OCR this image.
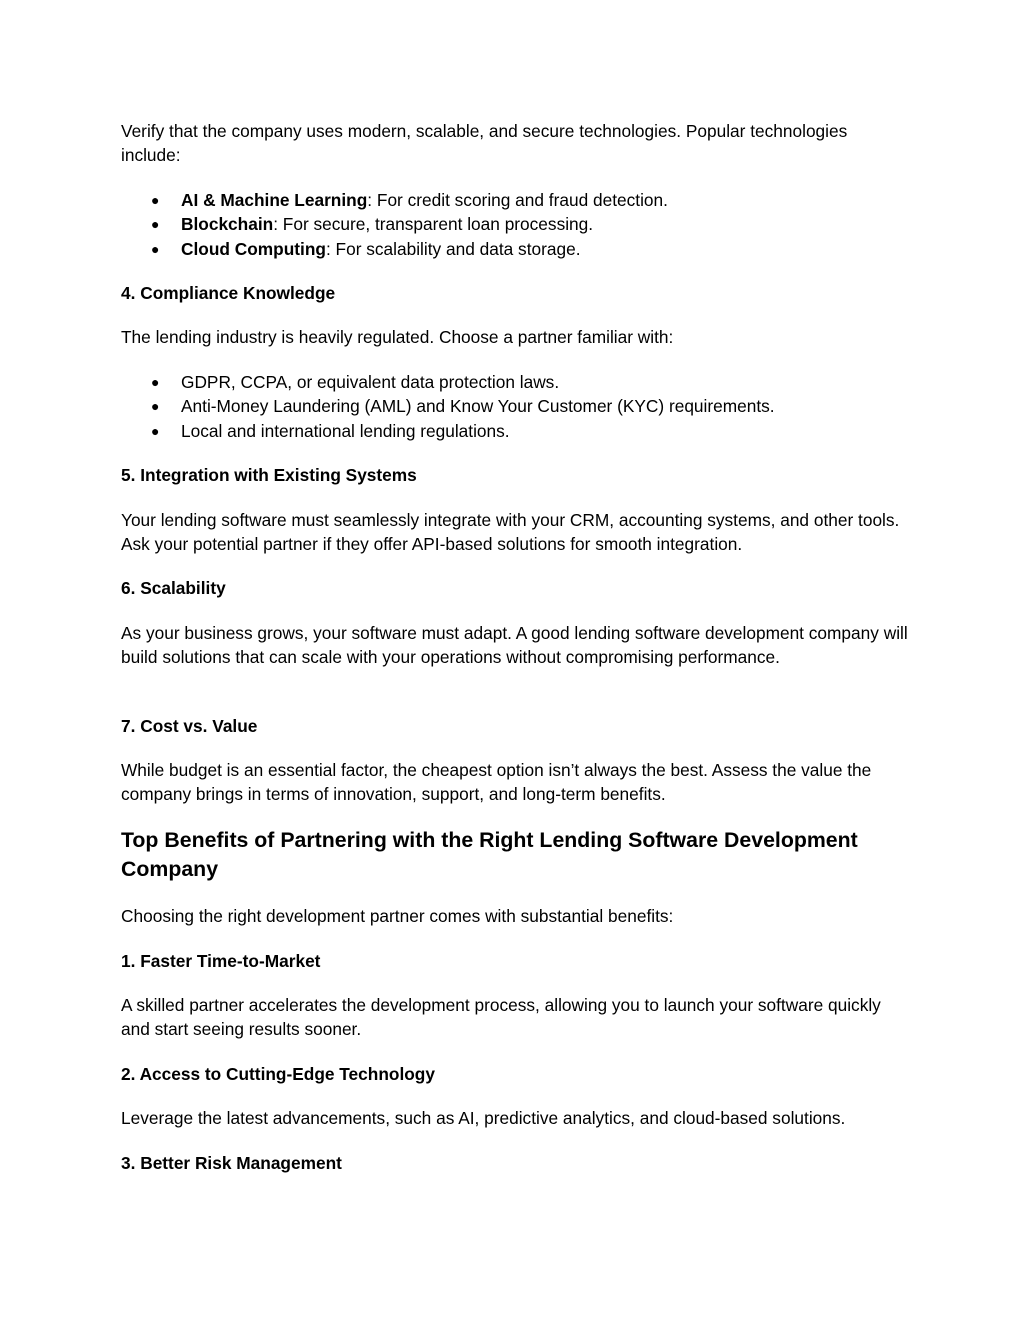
Verify that the company uses modern, scalable, and secure technologies. Popular technologies include:

● AI & Machine Learning: For credit scoring and fraud detection.
● Blockchain: For secure, transparent loan processing.
● Cloud Computing: For scalability and data storage.
4. Compliance Knowledge

The lending industry is heavily regulated. Choose a partner familiar with:

● GDPR, CCPA, or equivalent data protection laws.
● Anti-Money Laundering (AML) and Know Your Customer (KYC) requirements.
● Local and international lending regulations.
5. Integration with Existing Systems

Your lending software must seamlessly integrate with your CRM, accounting systems, and other tools. Ask your potential partner if they offer API-based solutions for smooth integration.

6. Scalability

As your business grows, your software must adapt. A good lending software development company will build solutions that can scale with your operations without compromising performance.

7. Cost vs. Value

While budget is an essential factor, the cheapest option isn’t always the best. Assess the value the company brings in terms of innovation, support, and long-term benefits.

Top Benefits of Partnering with the Right Lending Software Development Company

Choosing the right development partner comes with substantial benefits:

1. Faster Time-to-Market

A skilled partner accelerates the development process, allowing you to launch your software quickly and start seeing results sooner.

2. Access to Cutting-Edge Technology

Leverage the latest advancements, such as AI, predictive analytics, and cloud-based solutions.

3. Better Risk Management
